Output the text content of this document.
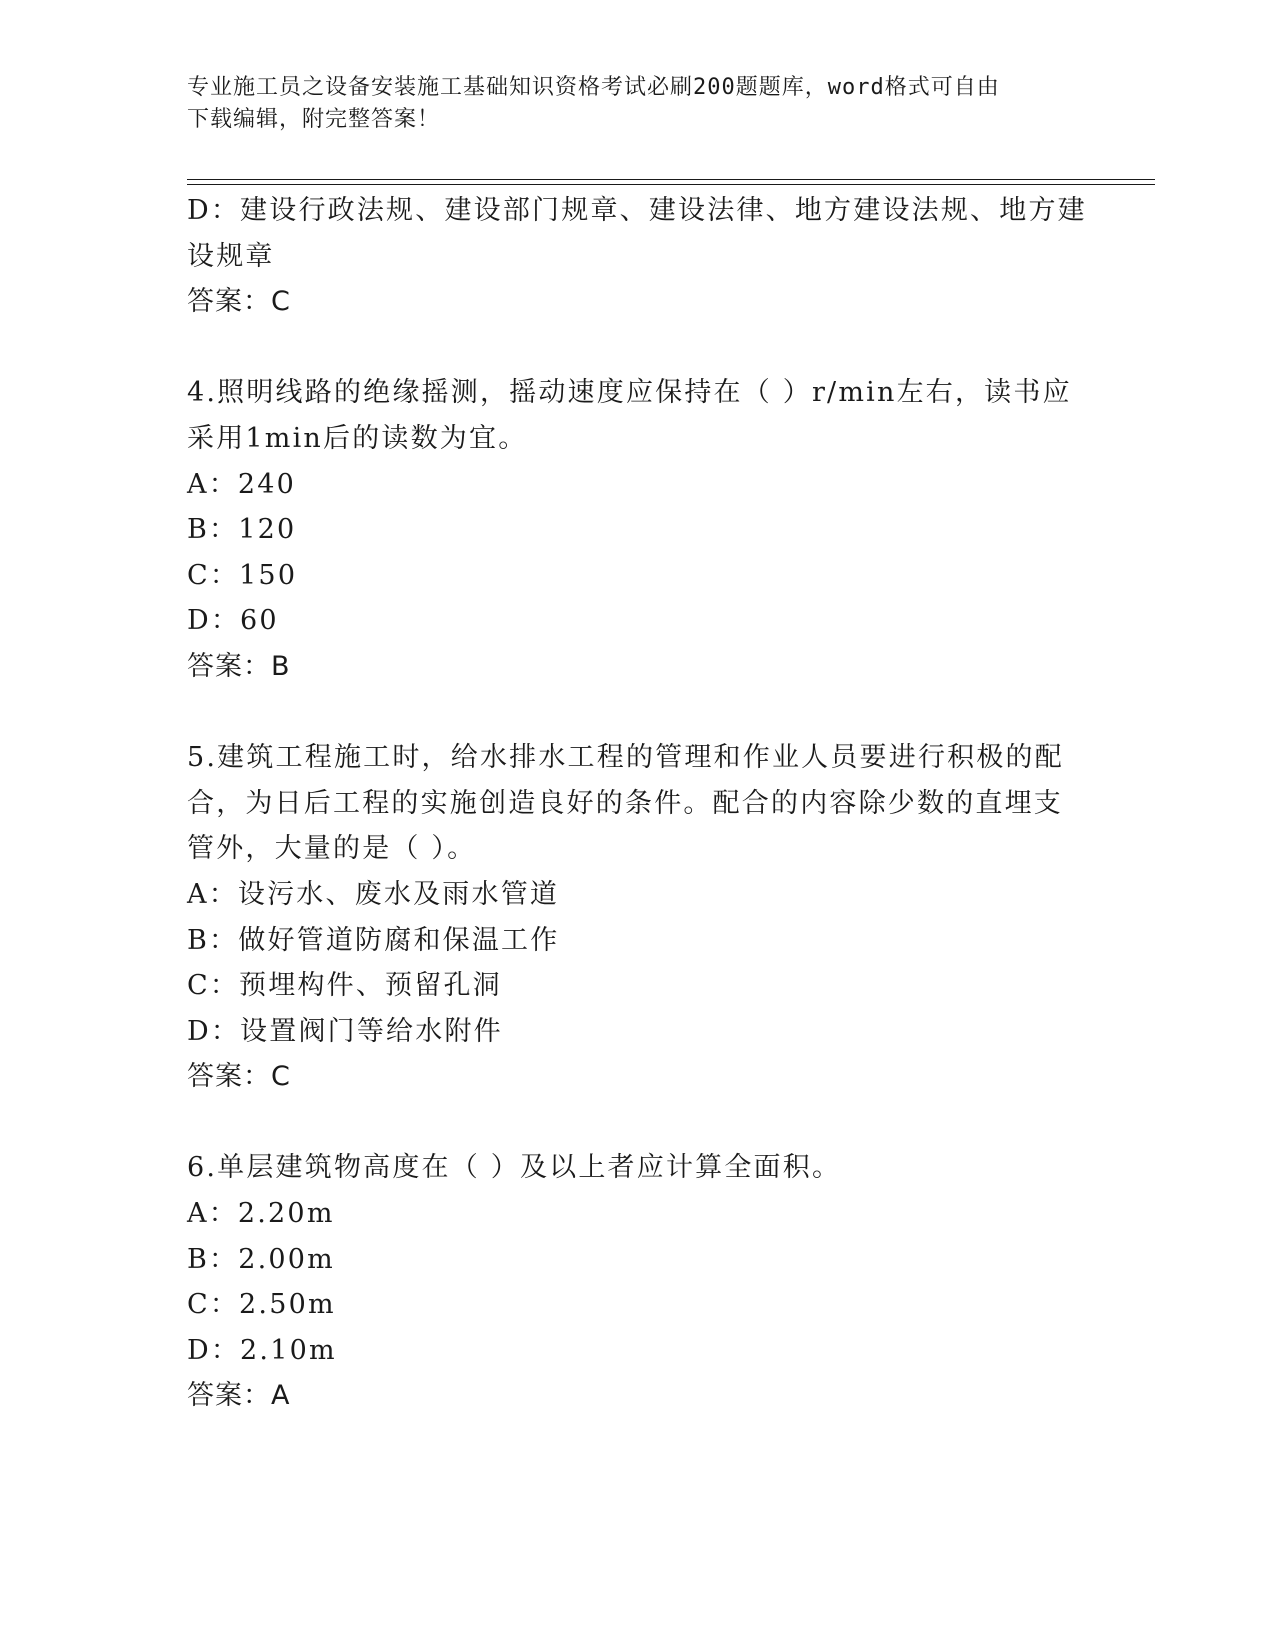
专业施工员之设备安装施工基础知识资格考试必刷200题题库，word格式可自由
下载编辑，附完整答案！
D：建设行政法规、建设部门规章、建设法律、地方建设法规、地方建
设规章
答案：C
4.照明线路的绝缘摇测，摇动速度应保持在（ ）r/min左右，读书应
采用1min后的读数为宜。
A：240
B：120
C：150
D：60
答案：B
5.建筑工程施工时，给水排水工程的管理和作业人员要进行积极的配
合，为日后工程的实施创造良好的条件。配合的内容除少数的直埋支
管外，大量的是（ ）。
A：设污水、废水及雨水管道
B：做好管道防腐和保温工作
C：预埋构件、预留孔洞
D：设置阀门等给水附件
答案：C
6.单层建筑物高度在（ ）及以上者应计算全面积。
A：2.20m
B：2.00m
C：2.50m
D：2.10m
答案：A
